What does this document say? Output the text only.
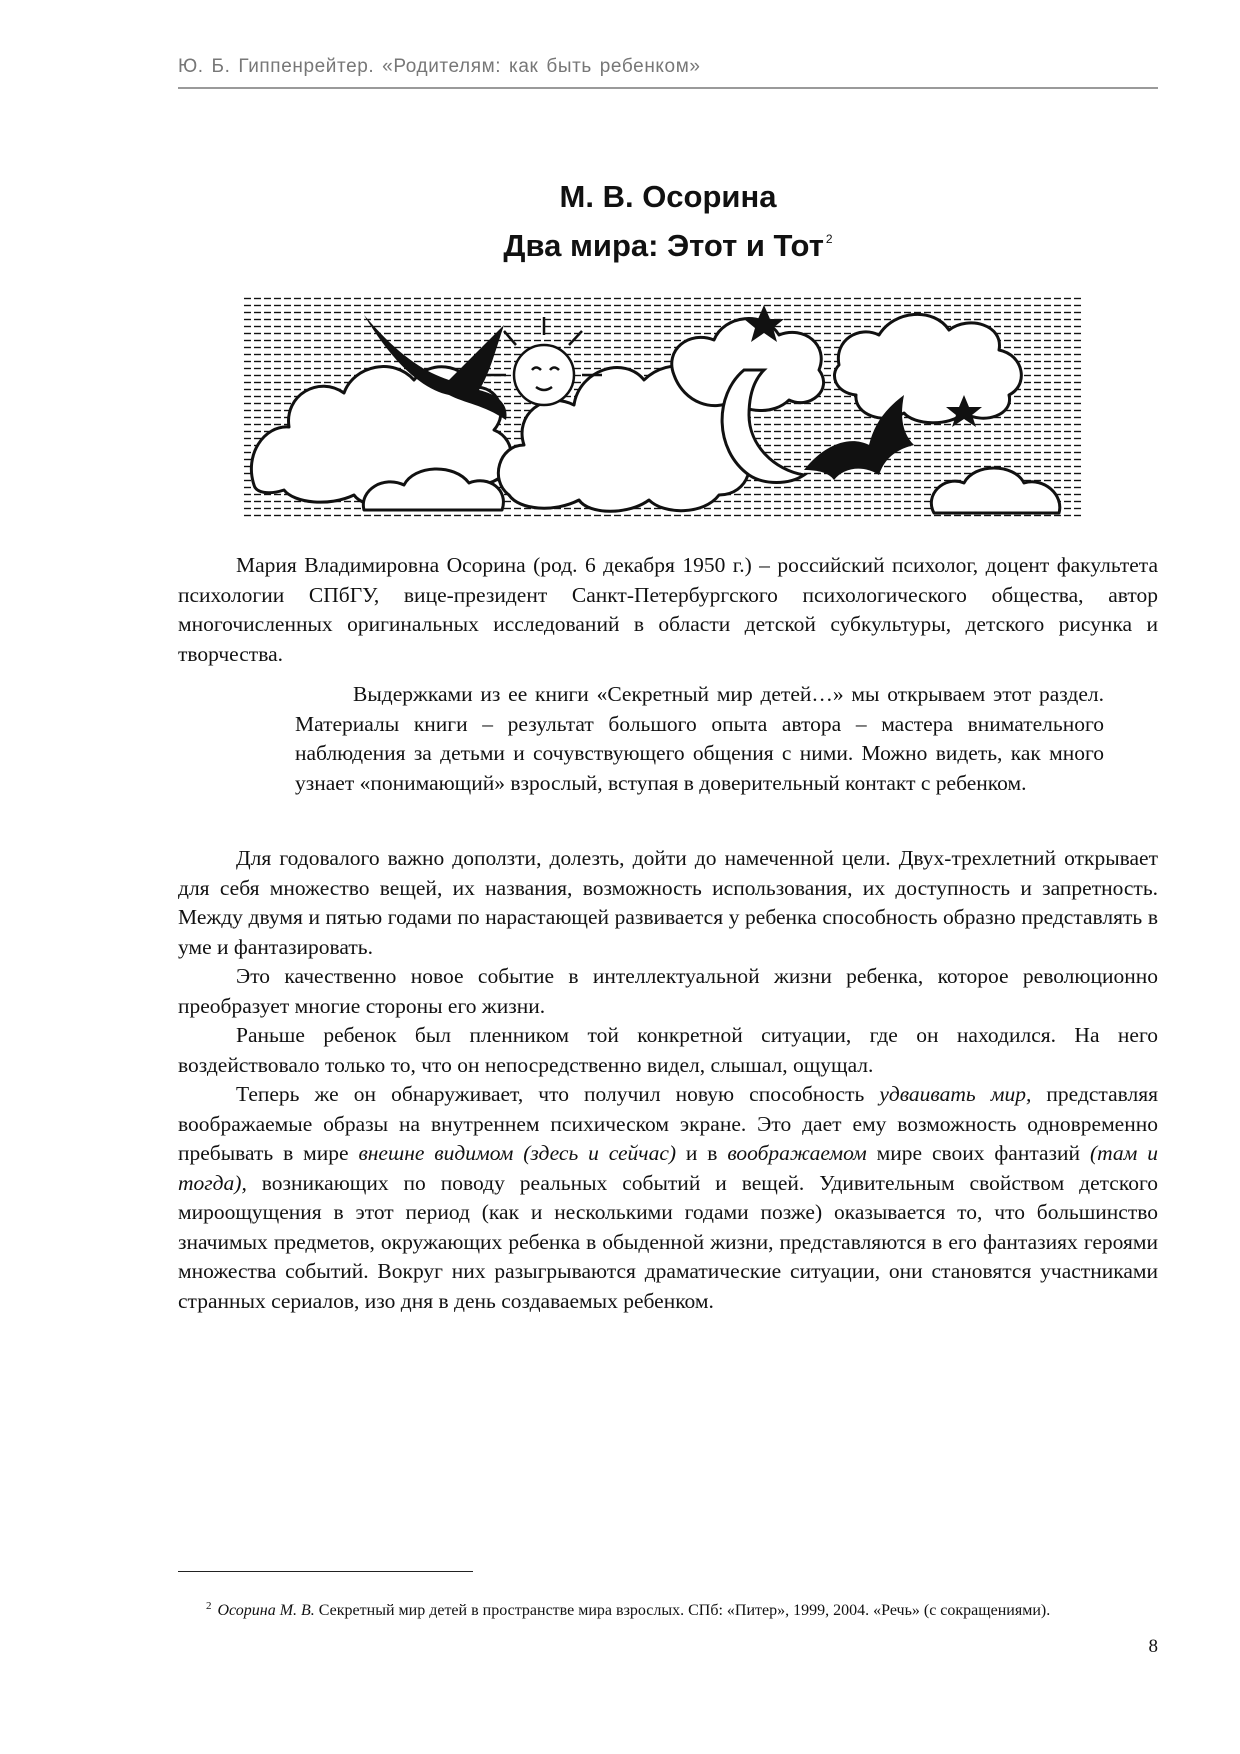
Ю. Б. Гиппенрейтер. «Родителям: как быть ребенком»
М. В. Осорина
Два мира: Этот и Тот $^2$

Мария Владимировна Осорина (род. 6 декабря 1950 г.) – российский психолог, доцент факультета психологии СПбГУ, вице-президент Санкт-Петербургского психологического общества, автор многочисленных оригинальных исследований в области детской субкультуры, детского рисунка и творчества.

Выдержками из ее книги «Секретный мир детей…» мы открываем этот раздел. Материалы книги – результат большого опыта автора – мастера внимательного наблюдения за детьми и сочувствующего общения с ними. Можно видеть, как много узнает «понимающий» взрослый, вступая в доверительный контакт с ребенком.

Для годовалого важно доползти, долезть, дойти до намеченной цели. Двух-трехлетний открывает для себя множество вещей, их названия, возможность использования, их доступность и запретность. Между двумя и пятью годами по нарастающей развивается у ребенка способность образно представлять в уме и фантазировать.

Это качественно новое событие в интеллектуальной жизни ребенка, которое революционно преобразует многие стороны его жизни.

Раньше ребенок был пленником той конкретной ситуации, где он находился. На него воздействовало только то, что он непосредственно видел, слышал, ощущал.

Теперь же он обнаруживает, что получил новую способность удваивать мир, представляя воображаемые образы на внутреннем психическом экране. Это дает ему возможность одновременно пребывать в мире внешне видимом (здесь и сейчас) и в воображаемом мире своих фантазий (там и тогда), возникающих по поводу реальных событий и вещей. Удивительным свойством детского мироощущения в этот период (как и несколькими годами позже) оказывается то, что большинство значимых предметов, окружающих ребенка в обыденной жизни, представляются в его фантазиях героями множества событий. Вокруг них разыгрываются драматические ситуации, они становятся участниками странных сериалов, изо дня в день создаваемых ребенком.

$^2$ Осорина М. В. Секретный мир детей в пространстве мира взрослых. СПб: «Питер», 1999, 2004. «Речь» (с сокращениями).

8
